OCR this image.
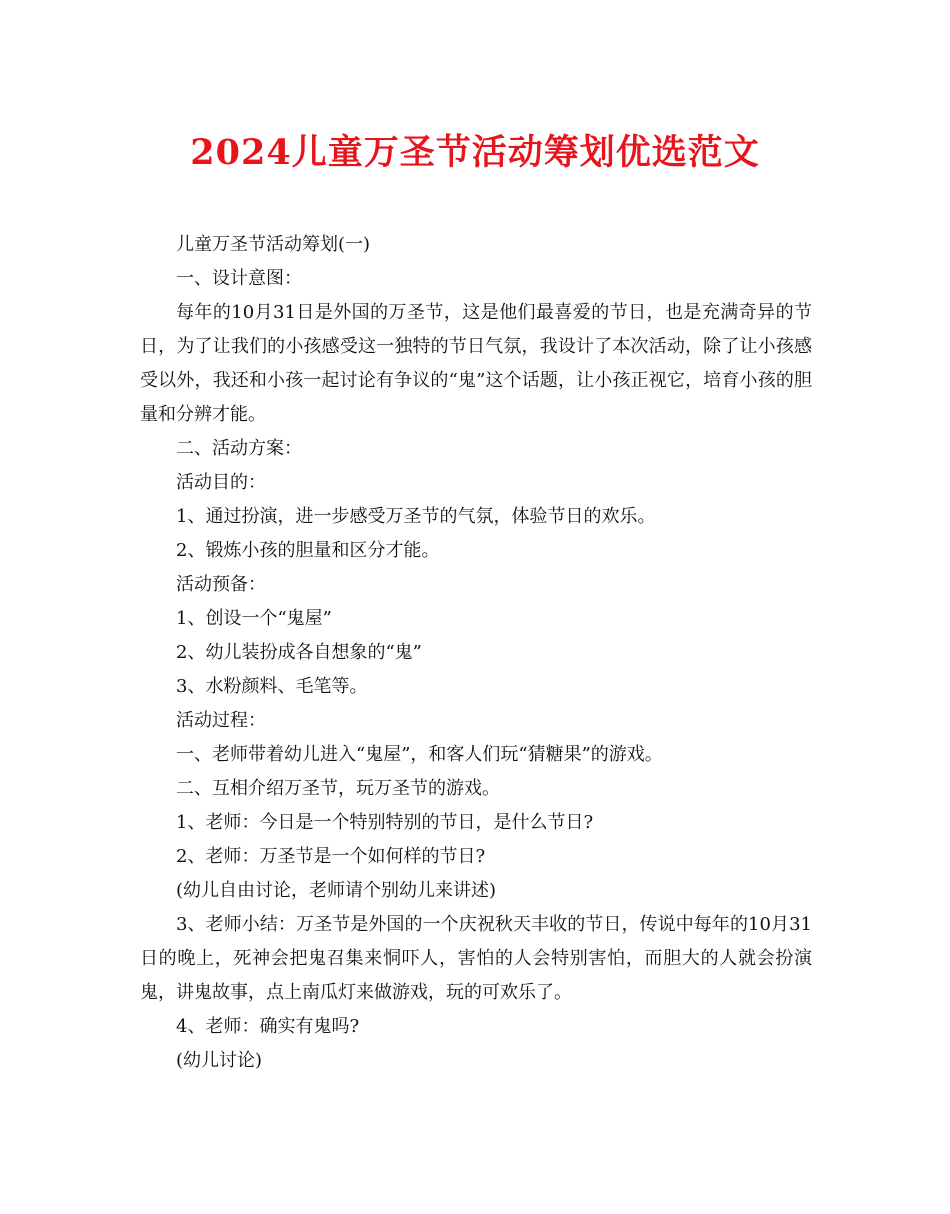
2024儿童万圣节活动筹划优选范文

儿童万圣节活动筹划(一)

一、设计意图：

每年的10月31日是外国的万圣节，这是他们最喜爱的节日，也是充满奇异的节日，为了让我们的小孩感受这一独特的节日气氛，我设计了本次活动，除了让小孩感受以外，我还和小孩一起讨论有争议的“鬼”这个话题，让小孩正视它，培育小孩的胆量和分辨才能。

二、活动方案：

活动目的：

1、通过扮演，进一步感受万圣节的气氛，体验节日的欢乐。

2、锻炼小孩的胆量和区分才能。

活动预备：

1、创设一个“鬼屋”

2、幼儿装扮成各自想象的“鬼”

3、水粉颜料、毛笔等。

活动过程：

一、老师带着幼儿进入“鬼屋”，和客人们玩“猜糖果”的游戏。

二、互相介绍万圣节，玩万圣节的游戏。

1、老师：今日是一个特别特别的节日，是什么节日?

2、老师：万圣节是一个如何样的节日?

(幼儿自由讨论，老师请个别幼儿来讲述)

3、老师小结：万圣节是外国的一个庆祝秋天丰收的节日，传说中每年的10月31日的晚上，死神会把鬼召集来恫吓人，害怕的人会特别害怕，而胆大的人就会扮演鬼，讲鬼故事，点上南瓜灯来做游戏，玩的可欢乐了。

4、老师：确实有鬼吗?

(幼儿讨论)
